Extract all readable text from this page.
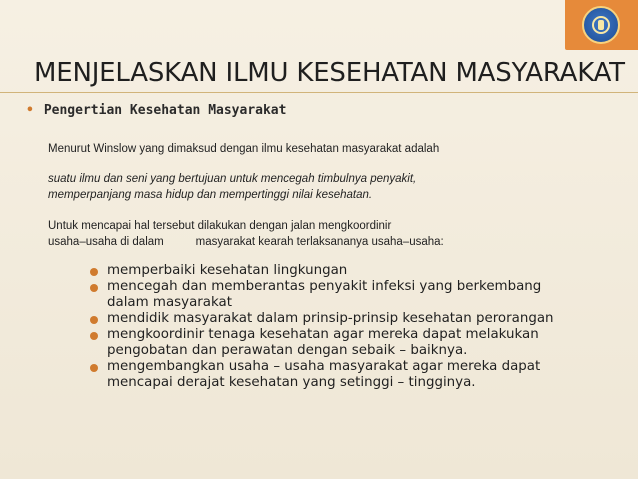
MENJELASKAN ILMU KESEHATAN MASYARAKAT
• Pengertian Kesehatan Masyarakat
Menurut Winslow yang dimaksud dengan ilmu kesehatan masyarakat adalah
suatu ilmu dan seni yang bertujuan untuk mencegah timbulnya penyakit,
memperpanjang masa hidup dan mempertinggi nilai kesehatan.
Untuk mencapai hal tersebut dilakukan dengan jalan mengkoordinir
usaha–usaha di dalam          masyarakat kearah terlaksananya usaha–usaha:
memperbaiki kesehatan lingkungan
mencegah dan memberantas penyakit infeksi yang berkembang
dalam masyarakat
mendidik masyarakat dalam prinsip-prinsip kesehatan perorangan
mengkoordinir tenaga kesehatan agar mereka dapat melakukan
pengobatan dan perawatan dengan sebaik – baiknya.
mengembangkan usaha – usaha masyarakat agar mereka dapat
mencapai derajat kesehatan yang setinggi – tingginya.
